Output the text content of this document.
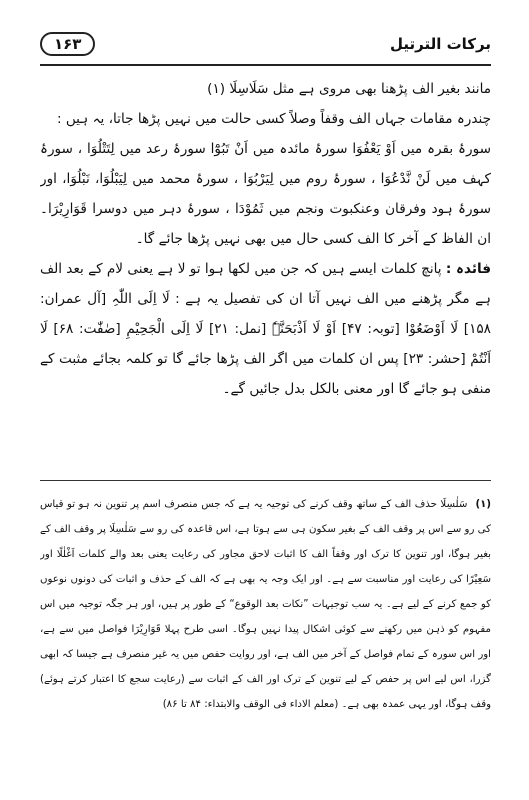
۱۶۳	برکات الترتیل

مانند بغیر الف پڑھنا بھی مروی ہے مثل سَلَاسِلَا (۱)

چندرہ مقامات جہاں الف وقفاً وصلاً کسی حالت میں نہیں پڑھا جاتا، یہ ہیں :

سورۂ بقرہ میں اَوْ یَعْفُوَا سورۂ مائدہ میں اَنْ تَبُوْٓا سورۂ رعد میں لِتَتْلُوَا ، سورۂ کہف میں لَنْ نَّدْعُوَا ، سورۂ روم میں لِیَرْبُوَا ، سورۂ محمد میں لِیَبْلُوَا، نَبْلُوَا، اور سورۂ ہود وفرقان وعنکبوت ونجم میں ثَمُوْدَا ، سورۂ دہر میں دوسرا قَوَارِیْرَا۔ ان الفاظ کے آخر کا الف کسی حال میں بھی نہیں پڑھا جائے گا۔

فائدہ : پانچ کلمات ایسے ہیں کہ جن میں لکھا ہوا تو لا ہے یعنی لام کے بعد الف ہے مگر پڑھنے میں الف نہیں آتا ان کی تفصیل یہ ہے : لَا اِلَی اللّٰہِ [آل عمران: ۱۵۸] لَا اَوْضَعُوْا [توبہ: ۴۷] اَوْ لَا اَذْبَحَنَّہٗ [نمل: ۲۱] لَا اِلَی الْجَحِیْمِ [صٰفّٰت: ۶۸] لَا اَنْتُمْ [حشر: ۲۳] پس ان کلمات میں اگر الف پڑھا جائے گا تو کلمہ بجائے مثبت کے منفی ہو جائے گا اور معنی بالکل بدل جائیں گے۔

(۱)سَلٰسِلَا حذف الف کے ساتھ وقف کرنے کی توجیہ یہ ہے کہ جس منصرف اسم پر تنوین نہ ہو تو قیاس کی رو سے اس پر وقف الف کے بغیر سکون ہی سے ہوتا ہے، اس قاعدہ کی رو سے سَلٰسِلَا پر وقف الف کے بغیر ہوگا، اور تنوین کا ترک اور وقفاً الف کا اثبات لاحق مجاور کی رعایت یعنی بعد والے کلمات اَغْلٰلًا اور سَعِیْرًا کی رعایت اور مناسبت سے ہے۔ اور ایک وجہ یہ بھی ہے کہ الف کے حذف و اثبات کی دونوں نوعوں کو جمع کرنے کے لیے ہے۔ یہ سب توجیہات ”نکات بعد الوقوع“ کے طور پر ہیں، اور ہر جگہ توجیہ میں اس مفہوم کو ذہن میں رکھنے سے کوئی اشکال پیدا نہیں ہوگا۔ اسی طرح پہلا قَوَارِیْرَا فواصل میں سے ہے، اور اس سورہ کے تمام فواصل کے آخر میں الف ہے، اور روایت حفص میں یہ غیر منصرف ہے جیسا کہ ابھی گزرا، اس لیے اس پر حفص کے لیے تنوین کے ترک اور الف کے اثبات سے (رعایت سجع کا اعتبار کرتے ہوئے) وقف ہوگا، اور یہی عمدہ بھی ہے۔ (معلم الاداء فی الوقف والابتداء: ۸۴ تا ۸۶)
